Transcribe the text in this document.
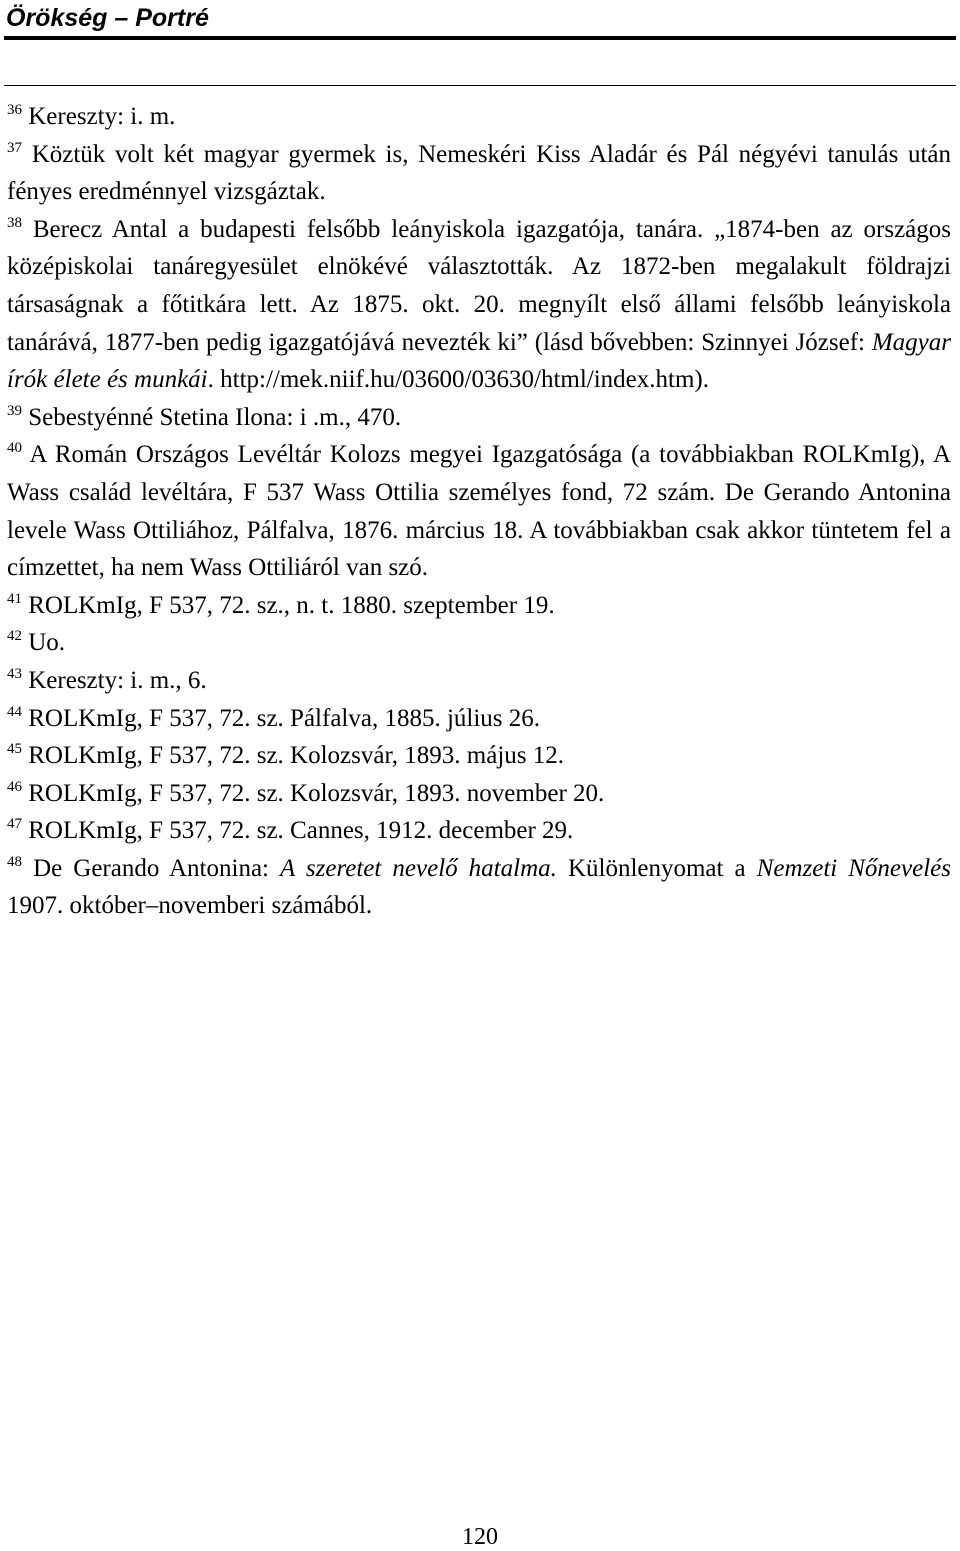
Örökség – Portré

$^{36}$ Kereszty: i. m.

$^{37}$ Köztük volt két magyar gyermek is, Nemeskéri Kiss Aladár és Pál négyévi tanulás után fényes eredménnyel vizsgáztak.

$^{38}$ Berecz Antal a budapesti felsőbb leányiskola igazgatója, tanára. „1874-ben az országos középiskolai tanáregyesület elnökévé választották. Az 1872-ben megalakult földrajzi társaságnak a főtitkára lett. Az 1875. okt. 20. megnyílt első állami felsőbb leányiskola tanárává, 1877-ben pedig igazgatójává nevezték ki” (lásd bővebben: Szinnyei József: Magyar írók élete és munkái. http://mek.niif.hu/03600/03630/html/index.htm).

$^{39}$ Sebestyénné Stetina Ilona: i .m., 470.

$^{40}$ A Román Országos Levéltár Kolozs megyei Igazgatósága (a továbbiakban ROLKmIg), A Wass család levéltára, F 537 Wass Ottilia személyes fond, 72 szám. De Gerando Antonina levele Wass Ottiliához, Pálfalva, 1876. március 18. A továbbiakban csak akkor tüntetem fel a címzettet, ha nem Wass Ottiliáról van szó.

$^{41}$ ROLKmIg, F 537, 72. sz., n. t. 1880. szeptember 19.

$^{42}$ Uo.

$^{43}$ Kereszty: i. m., 6.

$^{44}$ ROLKmIg, F 537, 72. sz. Pálfalva, 1885. július 26.

$^{45}$ ROLKmIg, F 537, 72. sz. Kolozsvár, 1893. május 12.

$^{46}$ ROLKmIg, F 537, 72. sz. Kolozsvár, 1893. november 20.

$^{47}$ ROLKmIg, F 537, 72. sz. Cannes, 1912. december 29.

$^{48}$ De Gerando Antonina: A szeretet nevelő hatalma. Különlenyomat a Nemzeti Nőnevelés 1907. október–novemberi számából.

120
